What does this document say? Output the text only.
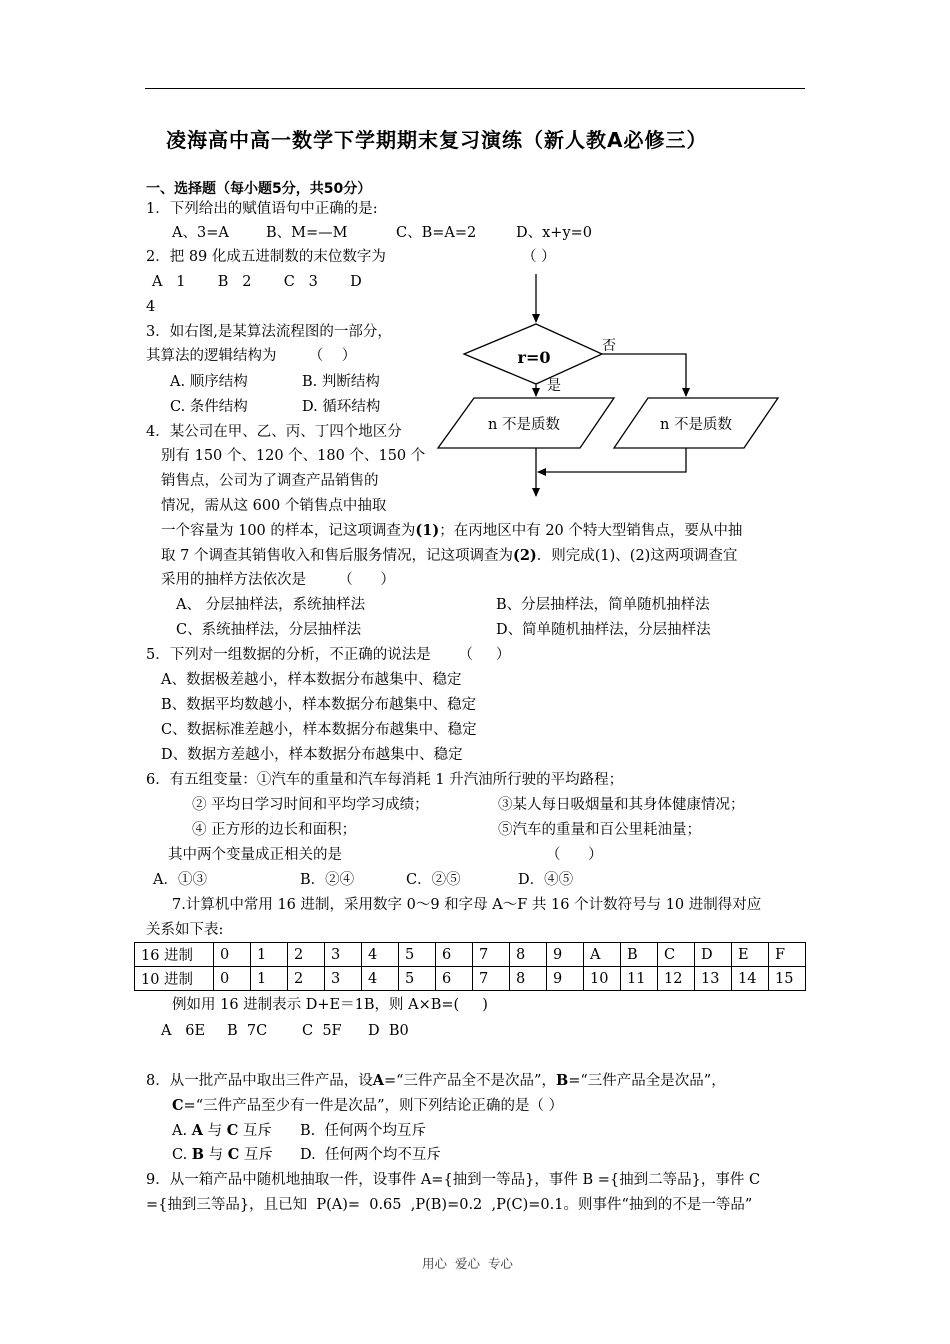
凌海高中高一数学下学期期末复习演练（新人教A必修三）
一、选择题（每小题5分，共50分）
1．下列给出的赋值语句中正确的是:
A、3=A	B、M=—M	C、B=A=2	D、x+y=0
2．把 89 化成五进制数的末位数字为	（ ）
A   1       B   2       C   3       D
4
3．如右图,是某算法流程图的一部分，
其算法的逻辑结构为       （    ）
A. 顺序结构	B. 判断结构
C. 条件结构	D. 循环结构
r=0
否
是
n 不是质数	n 不是质数
4．某公司在甲、乙、丙、丁四个地区分
别有 150 个、120 个、180 个、150 个
销售点，公司为了调查产品销售的
情况，需从这 600 个销售点中抽取
一个容量为 100 的样本，记这项调查为(1)；在丙地区中有 20 个特大型销售点，要从中抽
取 7 个调查其销售收入和售后服务情况，记这项调查为(2)．则完成(1)、(2)这两项调查宜
采用的抽样方法依次是       （      ）
A、 分层抽样法，系统抽样法	B、分层抽样法，简单随机抽样法
C、系统抽样法，分层抽样法	D、简单随机抽样法，分层抽样法
5．下列对一组数据的分析，不正确的说法是      （     ）
A、数据极差越小，样本数据分布越集中、稳定
B、数据平均数越小，样本数据分布越集中、稳定
C、数据标准差越小，样本数据分布越集中、稳定
D、数据方差越小，样本数据分布越集中、稳定
6．有五组变量：①汽车的重量和汽车每消耗 1 升汽油所行驶的平均路程；
② 平均日学习时间和平均学习成绩；	③某人每日吸烟量和其身体健康情况；
④ 正方形的边长和面积；	⑤汽车的重量和百公里耗油量；
其中两个变量成正相关的是	（      ）
A．①③	B．②④	C．②⑤	D．④⑤
7.计算机中常用 16 进制，采用数字 0～9 和字母 A～F 共 16 个计数符号与 10 进制得对应
关系如下表:
16 进制	0	1	2	3	4	5	6	7	8	9	A	B	C	D	E	F
10 进制	0	1	2	3	4	5	6	7	8	9	10	11	12	13	14	15
例如用 16 进制表示 D+E＝1B，则 A×B=(     )
A   6E B  7C C  5F D  B0
8．从一批产品中取出三件产品，设A=“三件产品全不是次品”，B=“三件产品全是次品”，
C=“三件产品至少有一件是次品”，则下列结论正确的是（ ）
A. A 与 C 互斥 B.  任何两个均互斥
C. B 与 C 互斥 D.  任何两个均不互斥
9．从一箱产品中随机地抽取一件，设事件 A={抽到一等品}，事件 B ={抽到二等品}，事件 C
={抽到三等品}，且已知  P(A)=  0.65  ,P(B)=0.2  ,P(C)=0.1。则事件“抽到的不是一等品”
用心  爱心  专心
